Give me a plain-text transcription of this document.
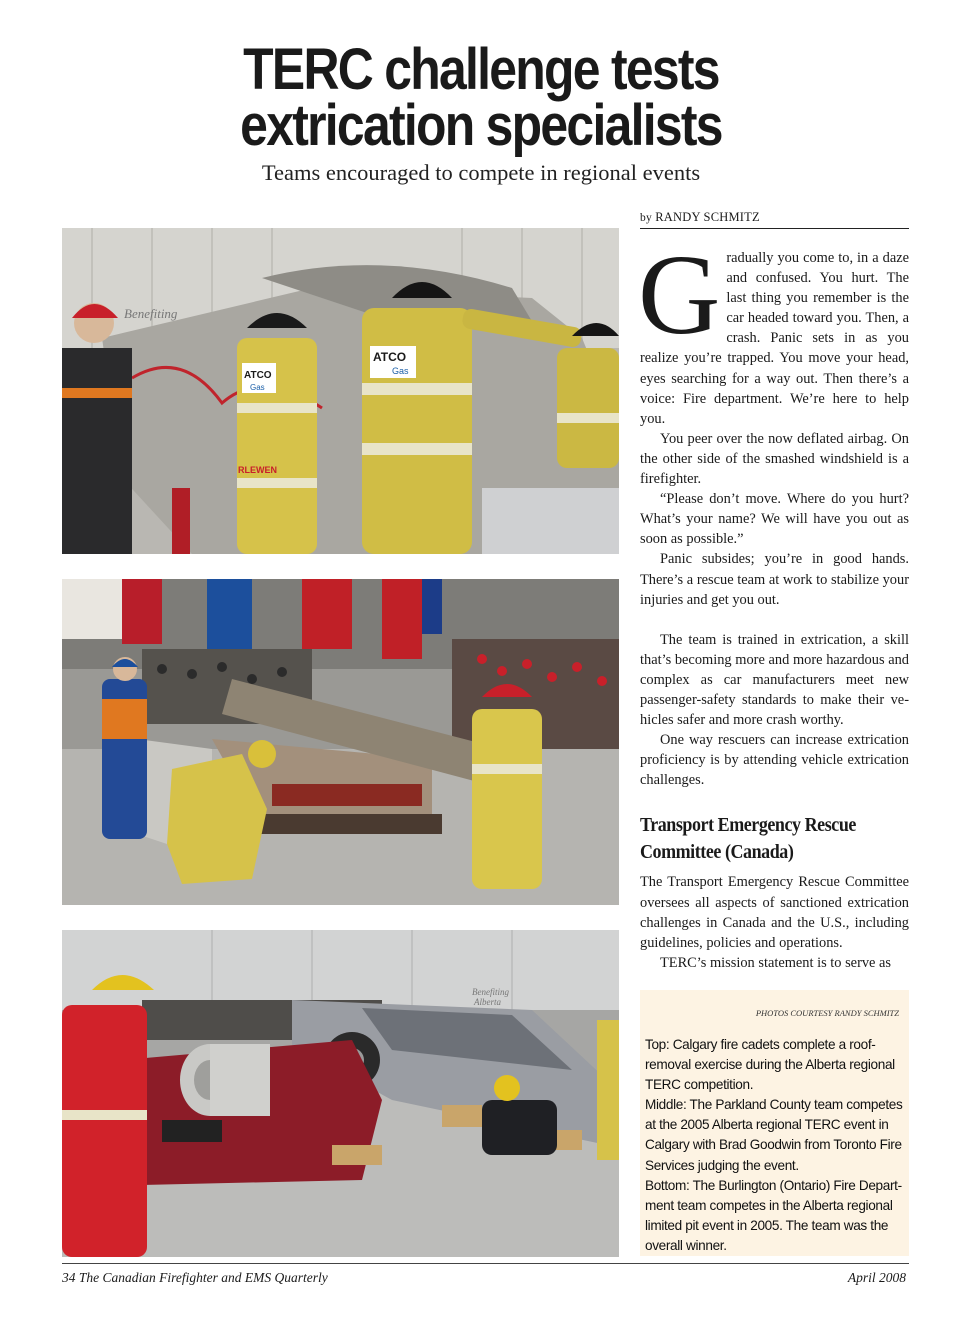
TERC challenge tests
extrication specialists
Teams encouraged to compete in regional events
Benefiting
ATCO
Gas
RLEWEN
ATCO
Gas
Benefiting
Alberta
by RANDY SCHMITZ

Gradually you come to, in a daze and confused. You hurt. The last thing you remember is the car headed toward you. Then, a crash. Panic sets in as you realize you’re trapped. You move your head, eyes searching for a way out. Then there’s a voice: Fire department. We’re here to help you.

You peer over the now deflated airbag. On the other side of the smashed windshield is a firefighter.

“Please don’t move. Where do you hurt? What’s your name? We will have you out as soon as possible.”

Panic subsides; you’re in good hands. There’s a rescue team at work to stabilize your injuries and get you out.

The team is trained in extrication, a skill that’s becoming more and more hazardous and complex as car manufacturers meet new passenger-safety standards to make their vehicles safer and more crash worthy.

One way rescuers can increase extrication proficiency is by attending vehicle extrication challenges.

Transport Emergency Rescue
Committee (Canada)

The Transport Emergency Rescue Committee oversees all aspects of sanctioned extrication challenges in Canada and the U.S., including guidelines, policies and operations.

TERC’s mission statement is to serve as

PHOTOS COURTESY RANDY SCHMITZ
Top: Calgary fire cadets complete a roof-removal exercise during the Alberta regional TERC competition.
Middle: The Parkland County team competes at the 2005 Alberta regional TERC event in Calgary with Brad Goodwin from Toronto Fire Services judging the event.
Bottom: The Burlington (Ontario) Fire Department team competes in the Alberta regional limited pit event in 2005. The team was the overall winner.
34 The Canadian Firefighter and EMS Quarterly	April 2008
